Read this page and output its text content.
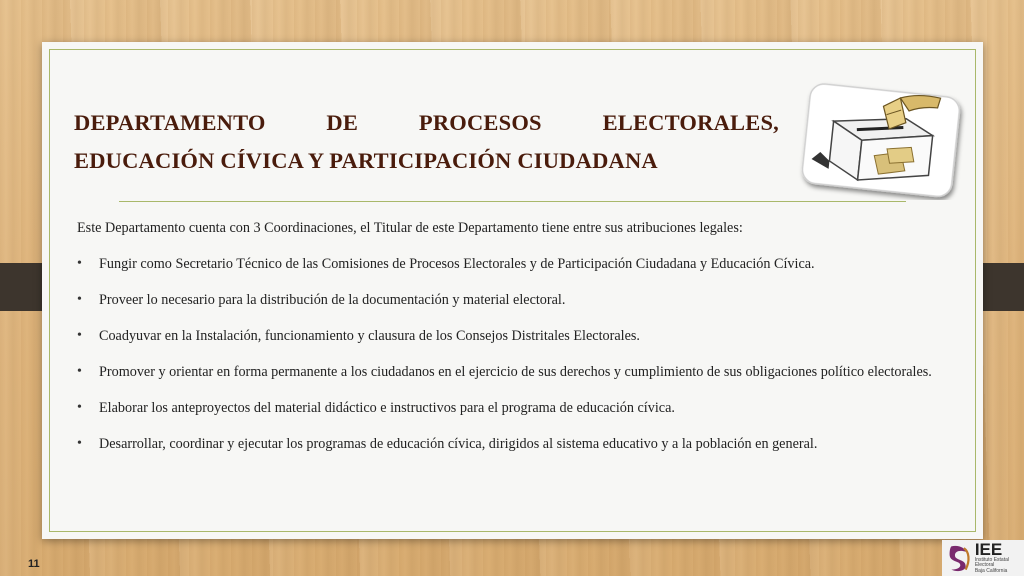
DEPARTAMENTO	DE	PROCESOS	ELECTORALES,
EDUCACIÓN CÍVICA Y PARTICIPACIÓN CIUDADANA

Este Departamento cuenta con 3 Coordinaciones, el Titular de este Departamento tiene entre sus atribuciones legales:

• Fungir como Secretario Técnico de las Comisiones de Procesos Electorales y de Participación Ciudadana y Educación Cívica.
• Proveer lo necesario para la distribución de la documentación y material electoral.
• Coadyuvar en la Instalación, funcionamiento y clausura de los Consejos Distritales Electorales.
• Promover y orientar en forma permanente a los ciudadanos en el ejercicio de sus derechos y cumplimiento de sus obligaciones político electorales.
• Elaborar los anteproyectos del material didáctico e instructivos para el programa de educación cívica.
• Desarrollar, coordinar y ejecutar los programas de educación cívica, dirigidos al sistema educativo y a la población en general.
11
IEE
Instituto Estatal Electoral
Baja California
